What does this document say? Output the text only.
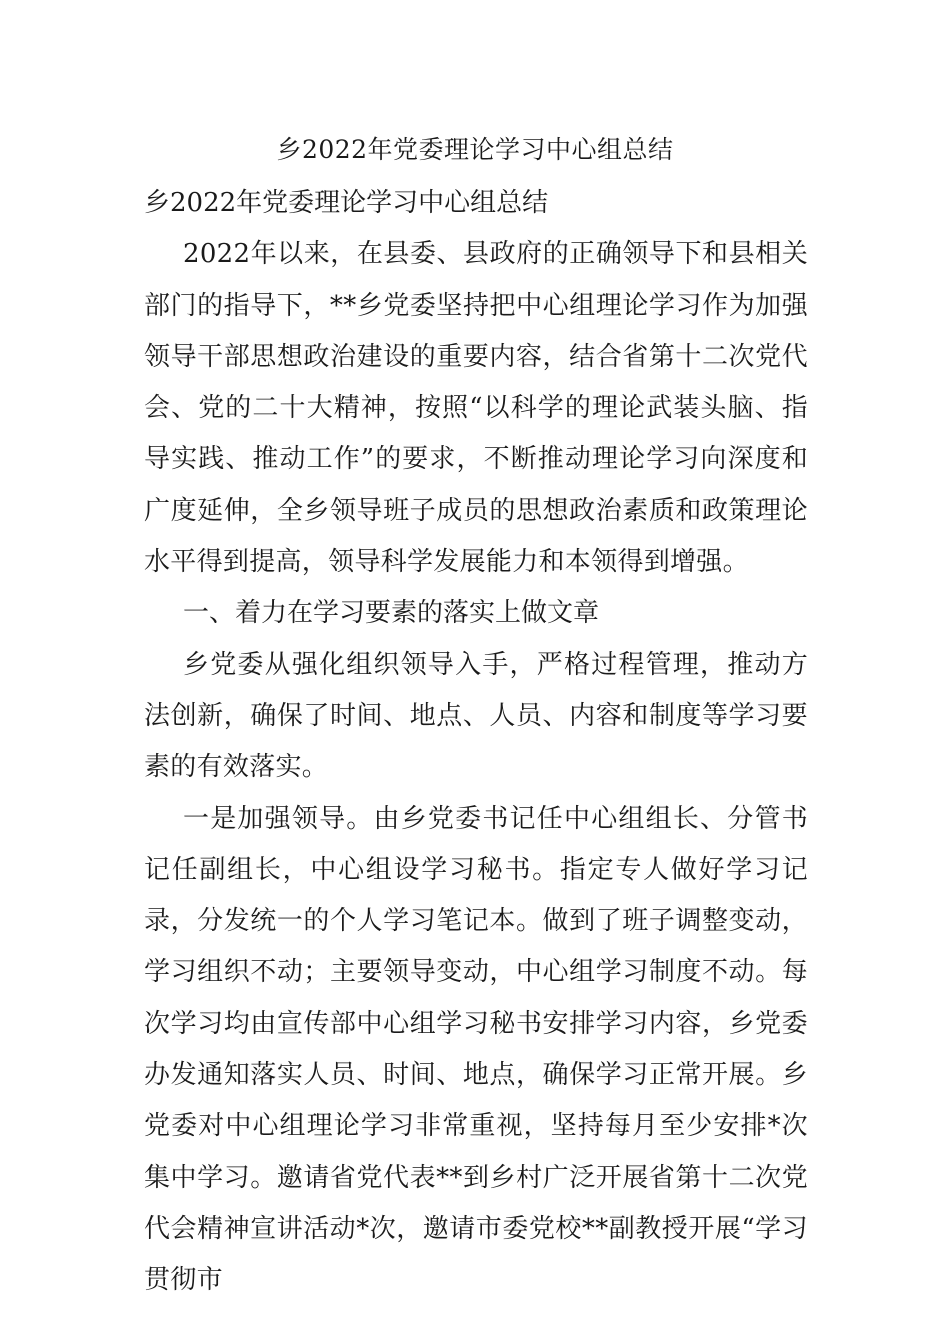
乡2022年党委理论学习中心组总结

乡2022年党委理论学习中心组总结

2022年以来，在县委、县政府的正确领导下和县相关部门的指导下，**乡党委坚持把中心组理论学习作为加强领导干部思想政治建设的重要内容，结合省第十二次党代会、党的二十大精神，按照“以科学的理论武装头脑、指导实践、推动工作”的要求，不断推动理论学习向深度和广度延伸，全乡领导班子成员的思想政治素质和政策理论水平得到提高，领导科学发展能力和本领得到增强。

一、着力在学习要素的落实上做文章

乡党委从强化组织领导入手，严格过程管理，推动方法创新，确保了时间、地点、人员、内容和制度等学习要素的有效落实。

一是加强领导。由乡党委书记任中心组组长、分管书记任副组长，中心组设学习秘书。指定专人做好学习记录，分发统一的个人学习笔记本。做到了班子调整变动，学习组织不动；主要领导变动，中心组学习制度不动。每次学习均由宣传部中心组学习秘书安排学习内容，乡党委办发通知落实人员、时间、地点，确保学习正常开展。乡党委对中心组理论学习非常重视，坚持每月至少安排*次集中学习。邀请省党代表**到乡村广泛开展省第十二次党代会精神宣讲活动*次，邀请市委党校**副教授开展“学习贯彻市
